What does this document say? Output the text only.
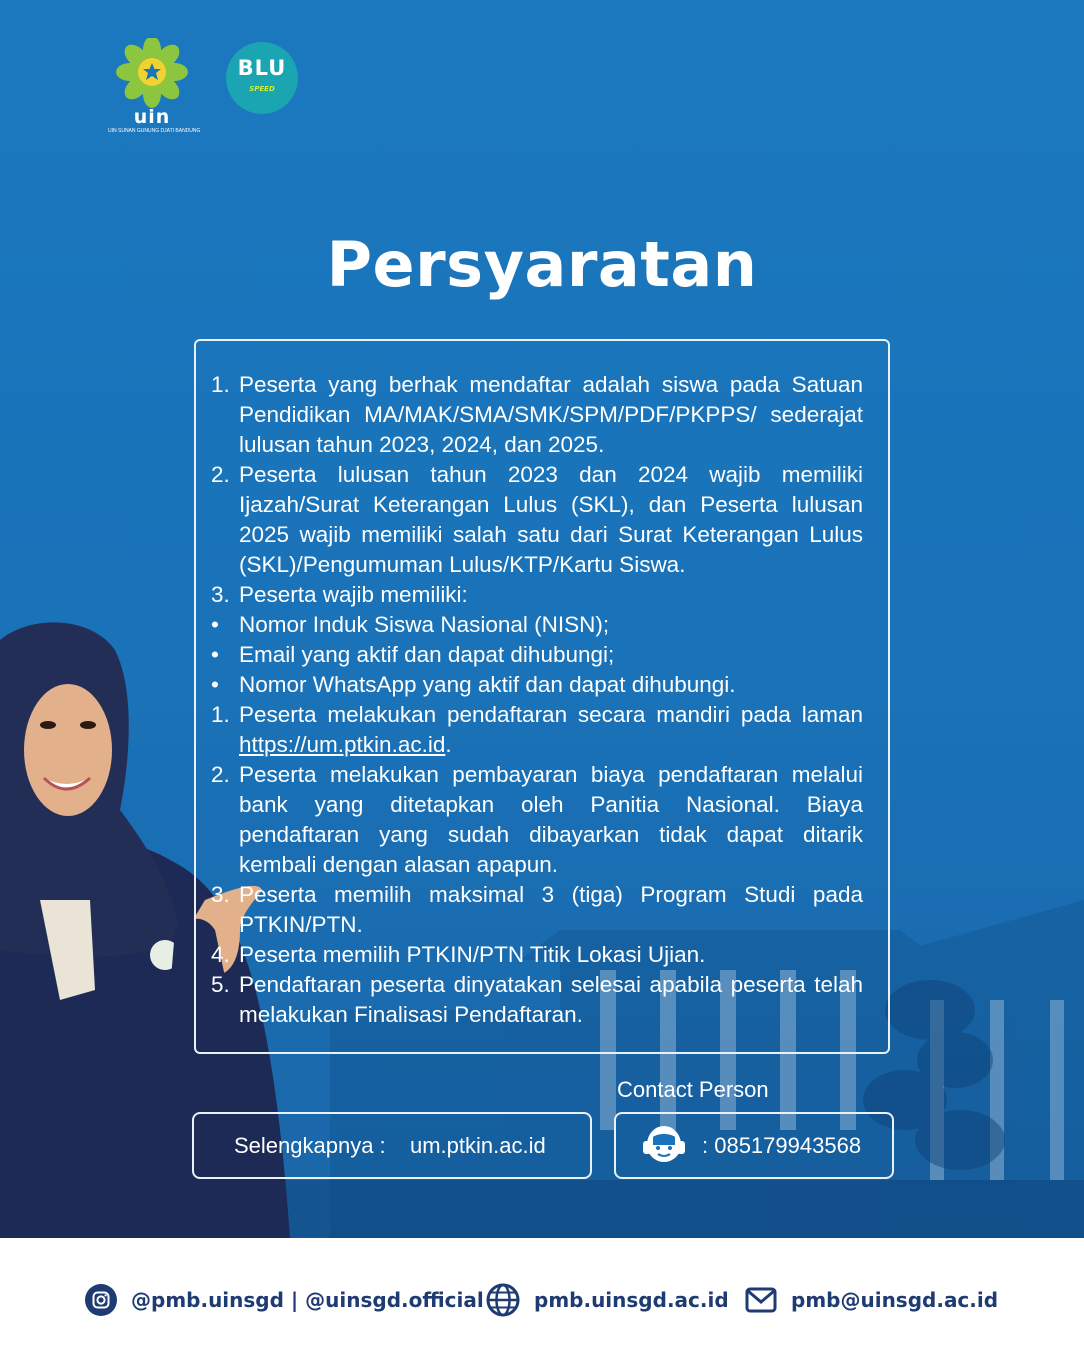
uin
UIN SUNAN GUNUNG DJATI BANDUNG
BLU
SPEED
Persyaratan
1. Peserta yang berhak mendaftar adalah siswa pada Satuan Pendidikan MA/MAK/SMA/SMK/SPM/PDF/PKPPS/ sederajat lulusan tahun 2023, 2024, dan 2025.
2. Peserta lulusan tahun 2023 dan 2024 wajib memiliki Ijazah/Surat Keterangan Lulus (SKL), dan Peserta lulusan 2025 wajib memiliki salah satu dari Surat Keterangan Lulus (SKL)/Pengumuman Lulus/KTP/Kartu Siswa.
3. Peserta wajib memiliki:
• Nomor Induk Siswa Nasional (NISN);
• Email yang aktif dan dapat dihubungi;
• Nomor WhatsApp yang aktif dan dapat dihubungi.
1. Peserta melakukan pendaftaran secara mandiri pada laman https://um.ptkin.ac.id.
2. Peserta melakukan pembayaran biaya pendaftaran melalui bank yang ditetapkan oleh Panitia Nasional. Biaya pendaftaran yang sudah dibayarkan tidak dapat ditarik kembali dengan alasan apapun.
3. Peserta memilih maksimal 3 (tiga) Program Studi pada PTKIN/PTN.
4. Peserta memilih PTKIN/PTN Titik Lokasi Ujian.
5. Pendaftaran peserta dinyatakan selesai apabila peserta telah melakukan Finalisasi Pendaftaran.
Contact Person
Selengkapnya : um.ptkin.ac.id	: 085179943568
@pmb.uinsgd | @uinsgd.official	pmb.uinsgd.ac.id	pmb@uinsgd.ac.id
